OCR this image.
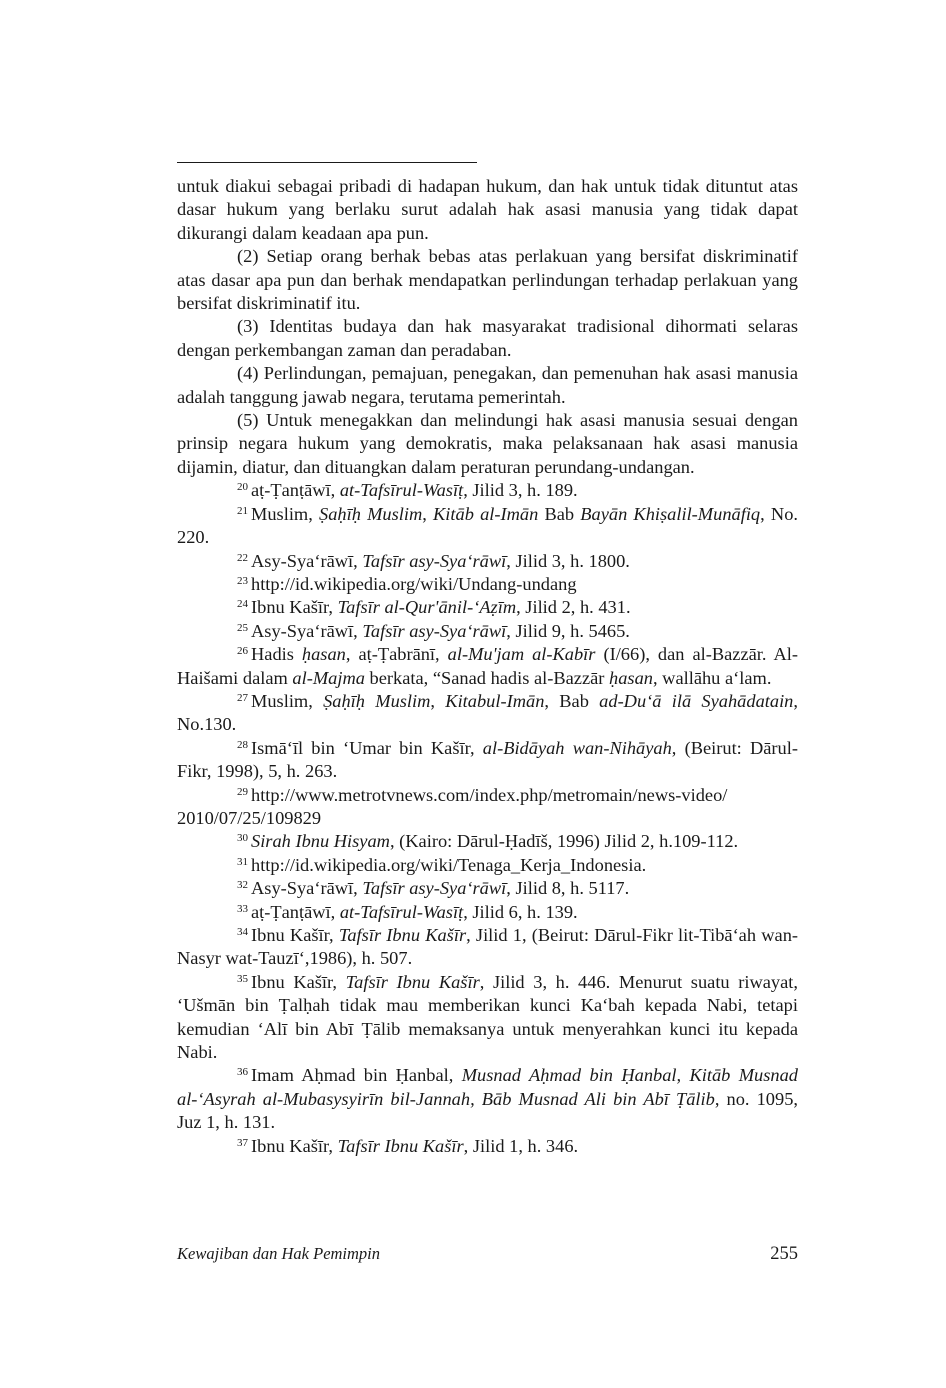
untuk diakui sebagai pribadi di hadapan hukum, dan hak untuk tidak dituntut atas dasar hukum yang berlaku surut adalah hak asasi manusia yang tidak dapat dikurangi dalam keadaan apa pun.

(2) Setiap orang berhak bebas atas perlakuan yang bersifat diskriminatif atas dasar apa pun dan berhak mendapatkan perlindungan terhadap perlakuan yang bersifat diskriminatif itu.

(3) Identitas budaya dan hak masyarakat tradisional dihormati selaras dengan perkembangan zaman dan peradaban.

(4) Perlindungan, pemajuan, penegakan, dan pemenuhan hak asasi manusia adalah tanggung jawab negara, terutama pemerintah.

(5) Untuk menegakkan dan melindungi hak asasi manusia sesuai dengan prinsip negara hukum yang demokratis, maka pelaksanaan hak asasi manusia dijamin, diatur, dan dituangkan dalam peraturan perundang-undangan.

$^{20}$ aṭ-Ṭanṭāwī, at-Tafsīrul-Wasīṭ, Jilid 3, h. 189.

$^{21}$ Muslim, Ṣaḥīḥ Muslim, Kitāb al-Imān Bab Bayān Khiṣalil-Munāfiq, No. 220.

$^{22}$ Asy-Sya‘rāwī, Tafsīr asy-Sya‘rāwī, Jilid 3, h. 1800.

$^{23}$ http://id.wikipedia.org/wiki/Undang-undang

$^{24}$ Ibnu Kašīr, Tafsīr al-Qur'ānil-‘Aẓīm, Jilid 2, h. 431.

$^{25}$ Asy-Sya‘rāwī, Tafsīr asy-Sya‘rāwī, Jilid 9, h. 5465.

$^{26}$ Hadis ḥasan, aṭ-Ṭabrānī, al-Mu'jam al-Kabīr (I/66), dan al-Bazzār. Al-Haišami dalam al-Majma berkata, “Sanad hadis al-Bazzār ḥasan, wallāhu a‘lam.

$^{27}$ Muslim, Ṣaḥīḥ Muslim, Kitabul-Imān, Bab ad-Du‘ā ilā Syahādatain, No.130.

$^{28}$ Ismā‘īl bin ‘Umar bin Kašīr, al-Bidāyah wan-Nihāyah, (Beirut: Dārul-Fikr, 1998), 5, h. 263.

$^{29}$ http://www.metrotvnews.com/index.php/metromain/news-video/ 2010/07/25/109829

$^{30}$ Sirah Ibnu Hisyam, (Kairo: Dārul-Ḥadīš, 1996) Jilid 2, h.109-112.

$^{31}$ http://id.wikipedia.org/wiki/Tenaga_Kerja_Indonesia.

$^{32}$ Asy-Sya‘rāwī, Tafsīr asy-Sya‘rāwī, Jilid 8, h. 5117.

$^{33}$ aṭ-Ṭanṭāwī, at-Tafsīrul-Wasīṭ, Jilid 6, h. 139.

$^{34}$ Ibnu Kašīr, Tafsīr Ibnu Kašīr, Jilid 1, (Beirut: Dārul-Fikr lit-Tibā‘ah wan-Nasyr wat-Tauzī‘,1986), h. 507.

$^{35}$ Ibnu Kašīr, Tafsīr Ibnu Kašīr, Jilid 3, h. 446. Menurut suatu riwayat, ‘Ušmān bin Ṭalḥah tidak mau memberikan kunci Ka‘bah kepada Nabi, tetapi kemudian ‘Alī bin Abī Ṭālib memaksanya untuk menyerahkan kunci itu kepada Nabi.

$^{36}$ Imam Aḥmad bin Ḥanbal, Musnad Aḥmad bin Ḥanbal, Kitāb Musnad al-‘Asyrah al-Mubasysyirīn bil-Jannah, Bāb Musnad Ali bin Abī Ṭālib, no. 1095, Juz 1, h. 131.

$^{37}$ Ibnu Kašīr, Tafsīr Ibnu Kašīr, Jilid 1, h. 346.

Kewajiban dan Hak Pemimpin	255
